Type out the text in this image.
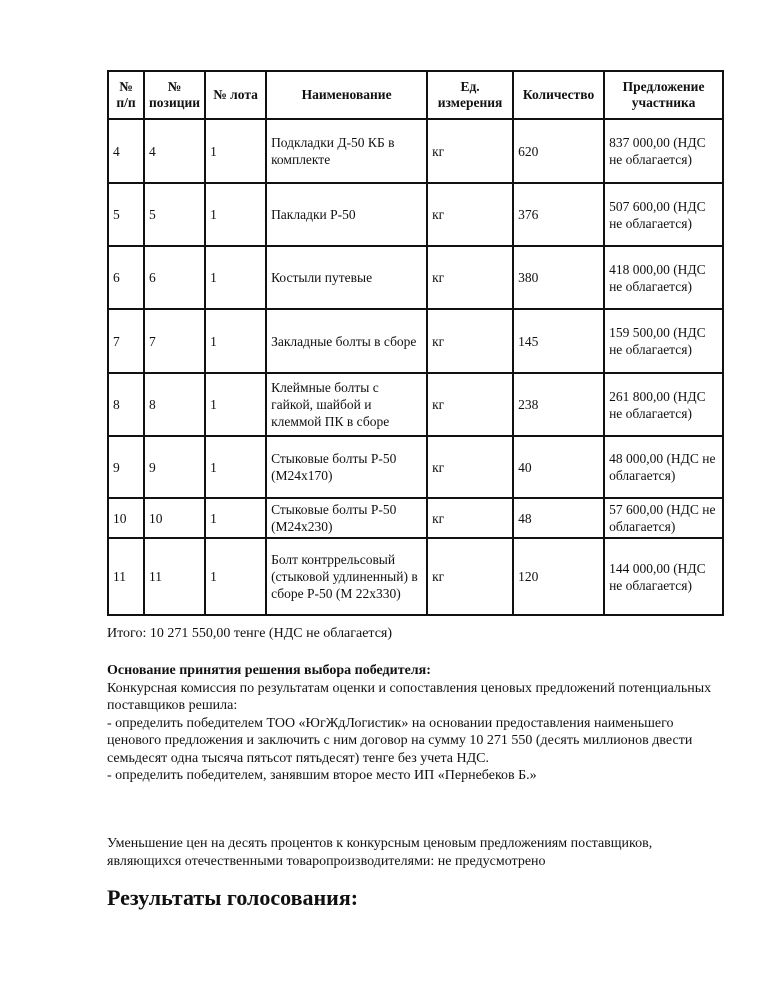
№ п/п	№ позиции	№ лота	Наименование	Ед. измерения	Количество	Предложение участника
4	4	1	Подкладки Д-50 КБ в комплекте	кг	620	837 000,00 (НДС не облагается)
5	5	1	Пакладки Р-50	кг	376	507 600,00 (НДС не облагается)
6	6	1	Костыли путевые	кг	380	418 000,00 (НДС не облагается)
7	7	1	Закладные болты в сборе	кг	145	159 500,00 (НДС не облагается)
8	8	1	Клеймные болты с гайкой, шайбой и клеммой ПК в сборе	кг	238	261 800,00 (НДС не облагается)
9	9	1	Стыковые болты Р-50 (М24х170)	кг	40	48 000,00 (НДС не облагается)
10	10	1	Стыковые болты Р-50 (М24х230)	кг	48	57 600,00 (НДС не облагается)
11	11	1	Болт контррельсовый (стыковой удлиненный) в сборе Р-50 (М 22х330)	кг	120	144 000,00 (НДС не облагается)
Итого: 10 271 550,00 тенге (НДС не облагается)
Основание принятия решения выбора победителя:
Конкурсная комиссия по результатам оценки и сопоставления ценовых предложений потенциальных поставщиков решила:
- определить победителем ТОО «ЮгЖдЛогистик» на основании предоставления наименьшего ценового предложения и заключить с ним договор на сумму 10 271 550 (десять миллионов двести семьдесят одна тысяча пятьсот пятьдесят) тенге без учета НДС.
- определить победителем, занявшим второе место ИП «Пернебеков Б.»
Уменьшение цен на десять процентов к конкурсным ценовым предложениям поставщиков, являющихся отечественными товаропроизводителями: не предусмотрено
Результаты голосования:
